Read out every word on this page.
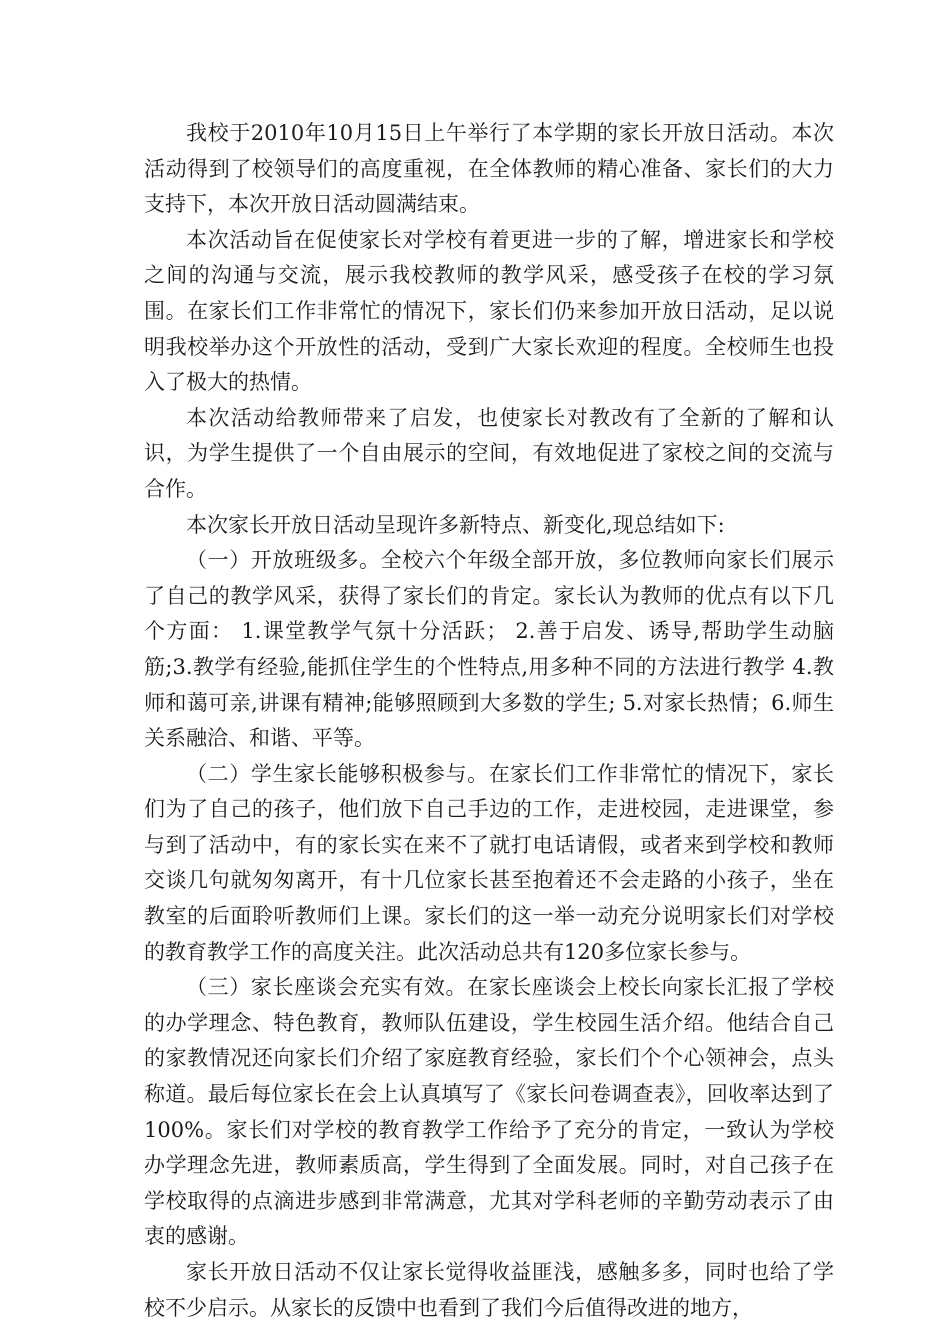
我校于2010年10月15日上午举行了本学期的家长开放日活动。本次活动得到了校领导们的高度重视，在全体教师的精心准备、家长们的大力支持下，本次开放日活动圆满结束。

本次活动旨在促使家长对学校有着更进一步的了解，增进家长和学校之间的沟通与交流，展示我校教师的教学风采，感受孩子在校的学习氛围。在家长们工作非常忙的情况下，家长们仍来参加开放日活动，足以说明我校举办这个开放性的活动，受到广大家长欢迎的程度。全校师生也投入了极大的热情。

本次活动给教师带来了启发，也使家长对教改有了全新的了解和认识，为学生提供了一个自由展示的空间，有效地促进了家校之间的交流与合作。

本次家长开放日活动呈现许多新特点、新变化,现总结如下:

（一）开放班级多。全校六个年级全部开放，多位教师向家长们展示了自己的教学风采，获得了家长们的肯定。家长认为教师的优点有以下几个方面： 1.课堂教学气氛十分活跃； 2.善于启发、诱导,帮助学生动脑筋;3.教学有经验,能抓住学生的个性特点,用多种不同的方法进行教学 4.教师和蔼可亲,讲课有精神;能够照顾到大多数的学生; 5.对家长热情；6.师生关系融洽、和谐、平等。

（二）学生家长能够积极参与。在家长们工作非常忙的情况下，家长们为了自己的孩子，他们放下自己手边的工作，走进校园，走进课堂，参与到了活动中，有的家长实在来不了就打电话请假，或者来到学校和教师交谈几句就匆匆离开，有十几位家长甚至抱着还不会走路的小孩子，坐在教室的后面聆听教师们上课。家长们的这一举一动充分说明家长们对学校的教育教学工作的高度关注。此次活动总共有120多位家长参与。

（三）家长座谈会充实有效。在家长座谈会上校长向家长汇报了学校的办学理念、特色教育，教师队伍建设，学生校园生活介绍。他结合自己的家教情况还向家长们介绍了家庭教育经验，家长们个个心领神会，点头称道。最后每位家长在会上认真填写了《家长问卷调查表》，回收率达到了100%。家长们对学校的教育教学工作给予了充分的肯定，一致认为学校办学理念先进，教师素质高，学生得到了全面发展。同时，对自己孩子在学校取得的点滴进步感到非常满意，尤其对学科老师的辛勤劳动表示了由衷的感谢。

家长开放日活动不仅让家长觉得收益匪浅，感触多多，同时也给了学校不少启示。从家长的反馈中也看到了我们今后值得改进的地方，
